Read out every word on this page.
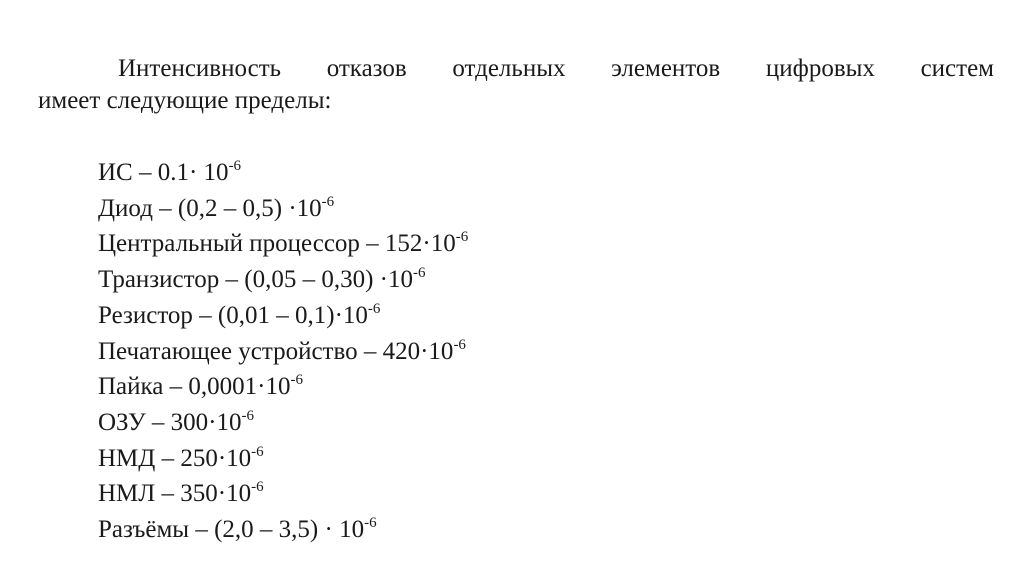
Интенсивность отказов отдельных элементов цифровых систем
имеет следующие пределы:

ИС – $0.1\cdot 10^{-6}$
Диод – $(0,2 - 0,5) \cdot 10^{-6}$
Центральный процессор – $152\cdot 10^{-6}$
Транзистор – $(0,05 - 0,30) \cdot 10^{-6}$
Резистор – $(0,01 - 0,1)\cdot 10^{-6}$
Печатающее устройство – $420\cdot 10^{-6}$
Пайка – $0,0001\cdot 10^{-6}$
ОЗУ – $300\cdot 10^{-6}$
НМД – $250\cdot 10^{-6}$
НМЛ – $350\cdot 10^{-6}$
Разъёмы – $(2,0 - 3,5) \cdot 10^{-6}$
